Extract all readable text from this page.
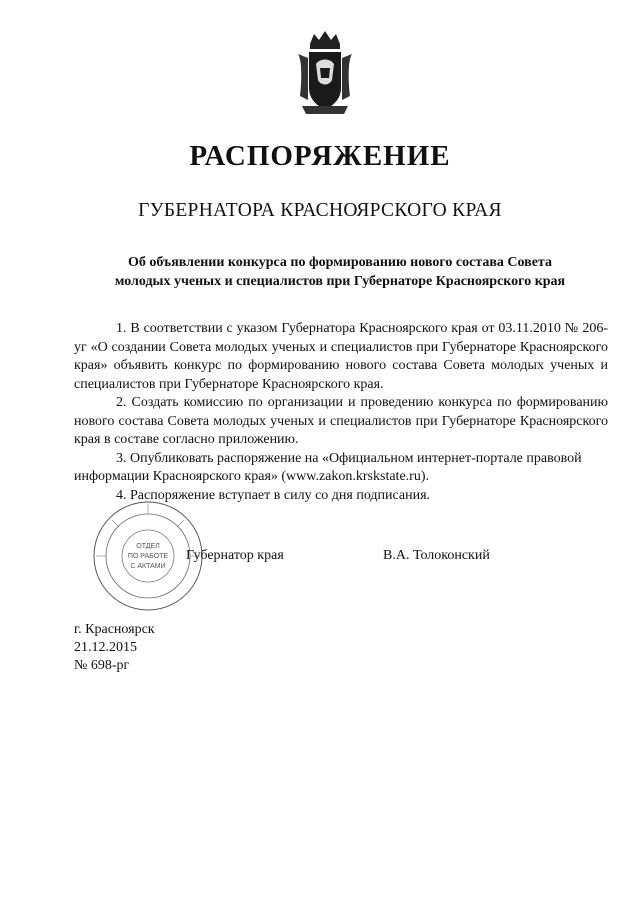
РАСПОРЯЖЕНИЕ
ГУБЕРНАТОРА КРАСНОЯРСКОГО КРАЯ
Об объявлении конкурса по формированию нового состава Совета
молодых ученых и специалистов при Губернаторе Красноярского края

1. В соответствии с указом Губернатора Красноярского края от 03.11.2010 № 206-уг «О создании Совета молодых ученых и специалистов при Губернаторе Красноярского края» объявить конкурс по формированию нового состава Совета молодых ученых и специалистов при Губернаторе Красноярского края.

2. Создать комиссию по организации и проведению конкурса по формированию нового состава Совета молодых ученых и специалистов при Губернаторе Красноярского края в составе согласно приложению.

3. Опубликовать распоряжение на «Официальном интернет-портале правовой информации Красноярского края» (www.zakon.krskstate.ru).

4. Распоряжение вступает в силу со дня подписания.

ОТДЕЛ
ПО РАБОТЕ
С АКТАМИ
Губернатор края	В.А. Толоконский
г. Красноярск
21.12.2015
№ 698-рг
